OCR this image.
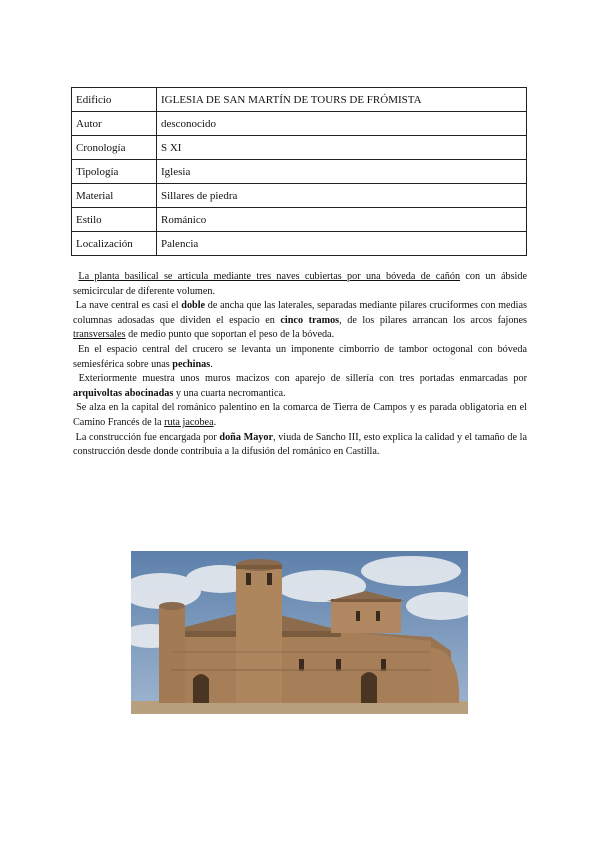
Edificio	IGLESIA DE SAN MARTÍN DE TOURS DE FRÓMISTA
Autor	desconocido
Cronología	S XI
Tipología	Iglesia
Material	Sillares de piedra
Estilo	Románico
Localización	Palencia

La planta basilical se articula mediante tres naves cubiertas por una bóveda de cañón con un ábside semicircular de diferente volumen.

La nave central es casi el doble de ancha que las laterales, separadas mediante pilares cruciformes con medias columnas adosadas que dividen el espacio en cinco tramos, de los pilares arrancan los arcos fajones transversales de medio punto que soportan el peso de la bóveda.

En el espacio central del crucero se levanta un imponente cimborrio de tambor octogonal con bóveda semiesférica sobre unas pechinas.

Exteriormente muestra unos muros macizos con aparejo de sillería con tres portadas enmarcadas por arquivoltas abocinadas y una cuarta necromantica.

Se alza en la capital del románico palentino en la comarca de Tierra de Campos y es parada obligatoria en el Camino Francés de la ruta jacobea.

La construcción fue encargada por doña Mayor, viuda de Sancho III, esto explica la calidad y el tamaño de la construcción desde donde contribuia a la difusión del románico en Castilla.
